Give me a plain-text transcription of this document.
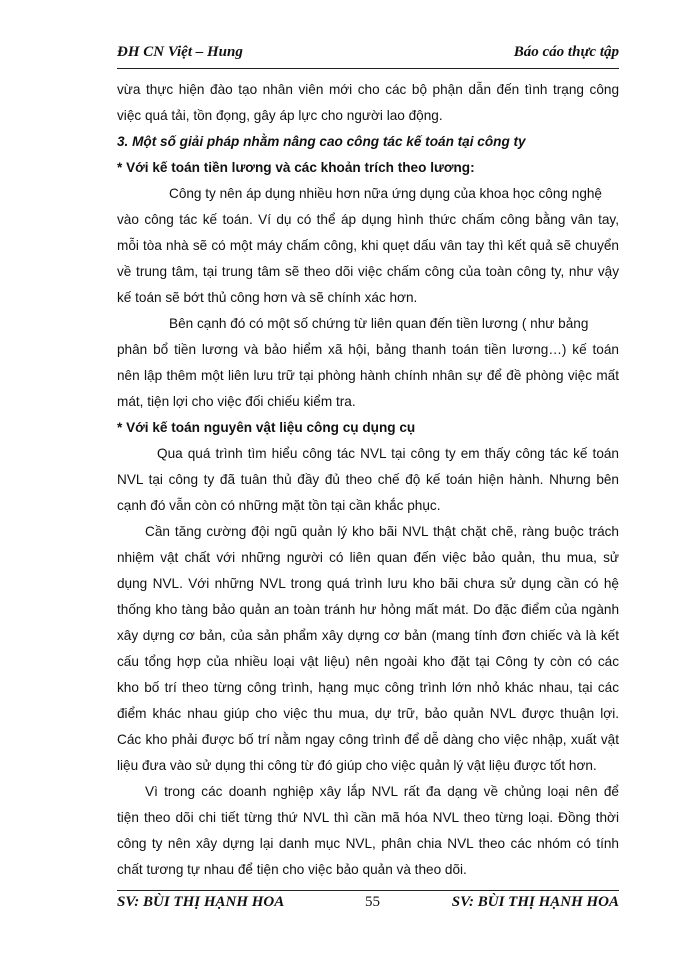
ĐH CN Việt – Hung	Báo cáo thực tập
vừa thực hiện đào tạo nhân viên mới cho các bộ phận dẫn đến tình trạng công
việc quá tải, tồn đọng, gây áp lực cho người lao động.
3. Một số giải pháp nhằm nâng cao công tác kế toán tại công ty
* Với kế toán tiền lương và các khoản trích theo lương:
Công ty nên áp dụng nhiều hơn nữa ứng dụng của khoa học công nghệ
vào công tác kế toán. Ví dụ có thể áp dụng hình thức chấm công bằng vân tay,
mỗi tòa nhà sẽ có một máy chấm công, khi quẹt dấu vân tay thì kết quả sẽ chuyển
về trung tâm, tại trung tâm sẽ theo dõi việc chấm công của toàn công ty, như vậy
kế toán sẽ bớt thủ công hơn và sẽ chính xác hơn.
Bên cạnh đó có một số chứng từ liên quan đến tiền lương ( như bảng
phân bổ tiền lương và bảo hiểm xã hội, bảng thanh toán tiền lương…) kế toán
nên lập thêm một liên lưu trữ tại phòng hành chính nhân sự để đề phòng việc mất
mát, tiện lợi cho việc đối chiếu kiểm tra.
* Với kế toán nguyên vật liệu công cụ dụng cụ
Qua quá trình tìm hiểu công tác NVL tại công ty em thấy công tác kế toán
NVL tại công ty đã tuân thủ đầy đủ theo chế độ kế toán hiện hành. Nhưng bên
cạnh đó vẫn còn có những mặt tồn tại cần khắc phục.
Cần tăng cường đội ngũ quản lý kho bãi NVL thật chặt chẽ, ràng buộc trách
nhiệm vật chất với những người có liên quan đến việc bảo quản, thu mua, sử
dụng NVL. Với những NVL trong quá trình lưu kho bãi chưa sử dụng cần có hệ
thống kho tàng bảo quản an toàn tránh hư hỏng mất mát. Do đặc điểm của ngành
xây dựng cơ bản, của sản phẩm xây dựng cơ bản (mang tính đơn chiếc và là kết
cấu tổng hợp của nhiều loại vật liệu) nên ngoài kho đặt tại Công ty còn có các
kho bố trí theo từng công trình, hạng mục công trình lớn nhỏ khác nhau, tại các
điểm khác nhau giúp cho việc thu mua, dự trữ, bảo quản NVL được thuận lợi.
Các kho phải được bố trí nằm ngay công trình để dễ dàng cho việc nhập, xuất vật
liệu đưa vào sử dụng thi công từ đó giúp cho việc quản lý vật liệu được tốt hơn.
Vì trong các doanh nghiệp xây lắp NVL rất đa dạng về chủng loại nên để
tiện theo dõi chi tiết từng thứ NVL thì cần mã hóa NVL theo từng loại. Đồng thời
công ty nên xây dựng lại danh mục NVL, phân chia NVL theo các nhóm có tính
chất tương tự nhau để tiện cho việc bảo quản và theo dõi.
SV: BÙI THỊ HẠNH HOA	55	SV: BÙI THỊ HẠNH HOA
